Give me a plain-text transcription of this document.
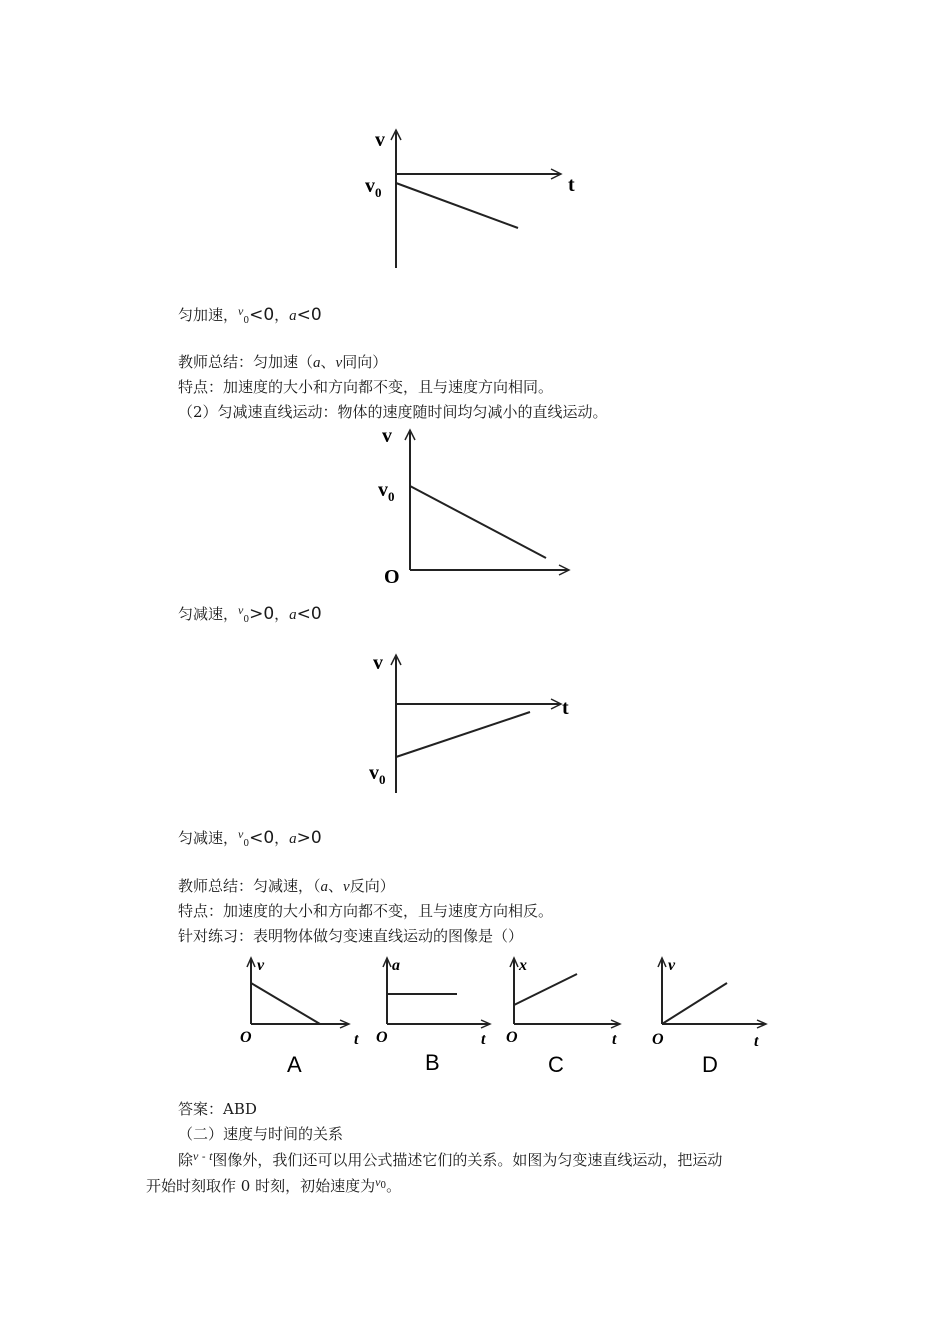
v
t
$v_0$
匀加速，$^v_0$<0，a<0
教师总结：匀加速（a、v同向）
特点：加速度的大小和方向都不变，且与速度方向相同。
（2）匀减速直线运动：物体的速度随时间均匀减小的直线运动。
v
$v_0$
O
匀减速，$^v_0$>0，a<0
v
t
$v_0$
匀减速，$^v_0$<0，a>0
教师总结：匀减速，（a、v反向）
特点：加速度的大小和方向都不变，且与速度方向相反。
针对练习：表明物体做匀变速直线运动的图像是（）
v
O	t
A
a
O	t
B
x
O	t
C
v
O	t
D
答案：ABD
（二）速度与时间的关系
除$^v$ - $^t$图像外，我们还可以用公式描述它们的关系。如图为匀变速直线运动，把运动
开始时刻取作 0 时刻，初始速度为$^{v0}$。
